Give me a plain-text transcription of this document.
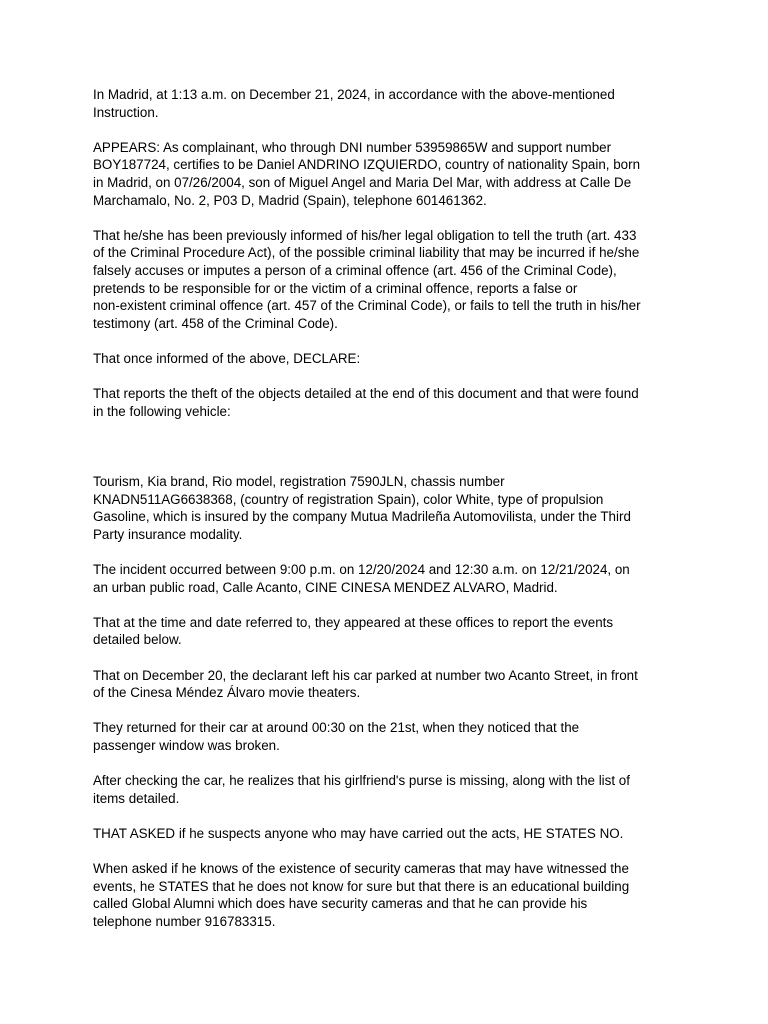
In Madrid, at 1:13 a.m. on December 21, 2024, in accordance with the above-mentioned
Instruction.

APPEARS: As complainant, who through DNI number 53959865W and support number
BOY187724, certifies to be Daniel ANDRINO IZQUIERDO, country of nationality Spain, born
in Madrid, on 07/26/2004, son of Miguel Angel and Maria Del Mar, with address at Calle De
Marchamalo, No. 2, P03 D, Madrid (Spain), telephone 601461362.

That he/she has been previously informed of his/her legal obligation to tell the truth (art. 433
of the Criminal Procedure Act), of the possible criminal liability that may be incurred if he/she
falsely accuses or imputes a person of a criminal offence (art. 456 of the Criminal Code),
pretends to be responsible for or the victim of a criminal offence, reports a false or
non-existent criminal offence (art. 457 of the Criminal Code), or fails to tell the truth in his/her
testimony (art. 458 of the Criminal Code).

That once informed of the above, DECLARE:

That reports the theft of the objects detailed at the end of this document and that were found
in the following vehicle:

Tourism, Kia brand, Rio model, registration 7590JLN, chassis number
KNADN511AG6638368, (country of registration Spain), color White, type of propulsion
Gasoline, which is insured by the company Mutua Madrileña Automovilista, under the Third
Party insurance modality.

The incident occurred between 9:00 p.m. on 12/20/2024 and 12:30 a.m. on 12/21/2024, on
an urban public road, Calle Acanto, CINE CINESA MENDEZ ALVARO, Madrid.

That at the time and date referred to, they appeared at these offices to report the events
detailed below.

That on December 20, the declarant left his car parked at number two Acanto Street, in front
of the Cinesa Méndez Álvaro movie theaters.

They returned for their car at around 00:30 on the 21st, when they noticed that the
passenger window was broken.

After checking the car, he realizes that his girlfriend's purse is missing, along with the list of
items detailed.

THAT ASKED if he suspects anyone who may have carried out the acts, HE STATES NO.

When asked if he knows of the existence of security cameras that may have witnessed the
events, he STATES that he does not know for sure but that there is an educational building
called Global Alumni which does have security cameras and that he can provide his
telephone number 916783315.
